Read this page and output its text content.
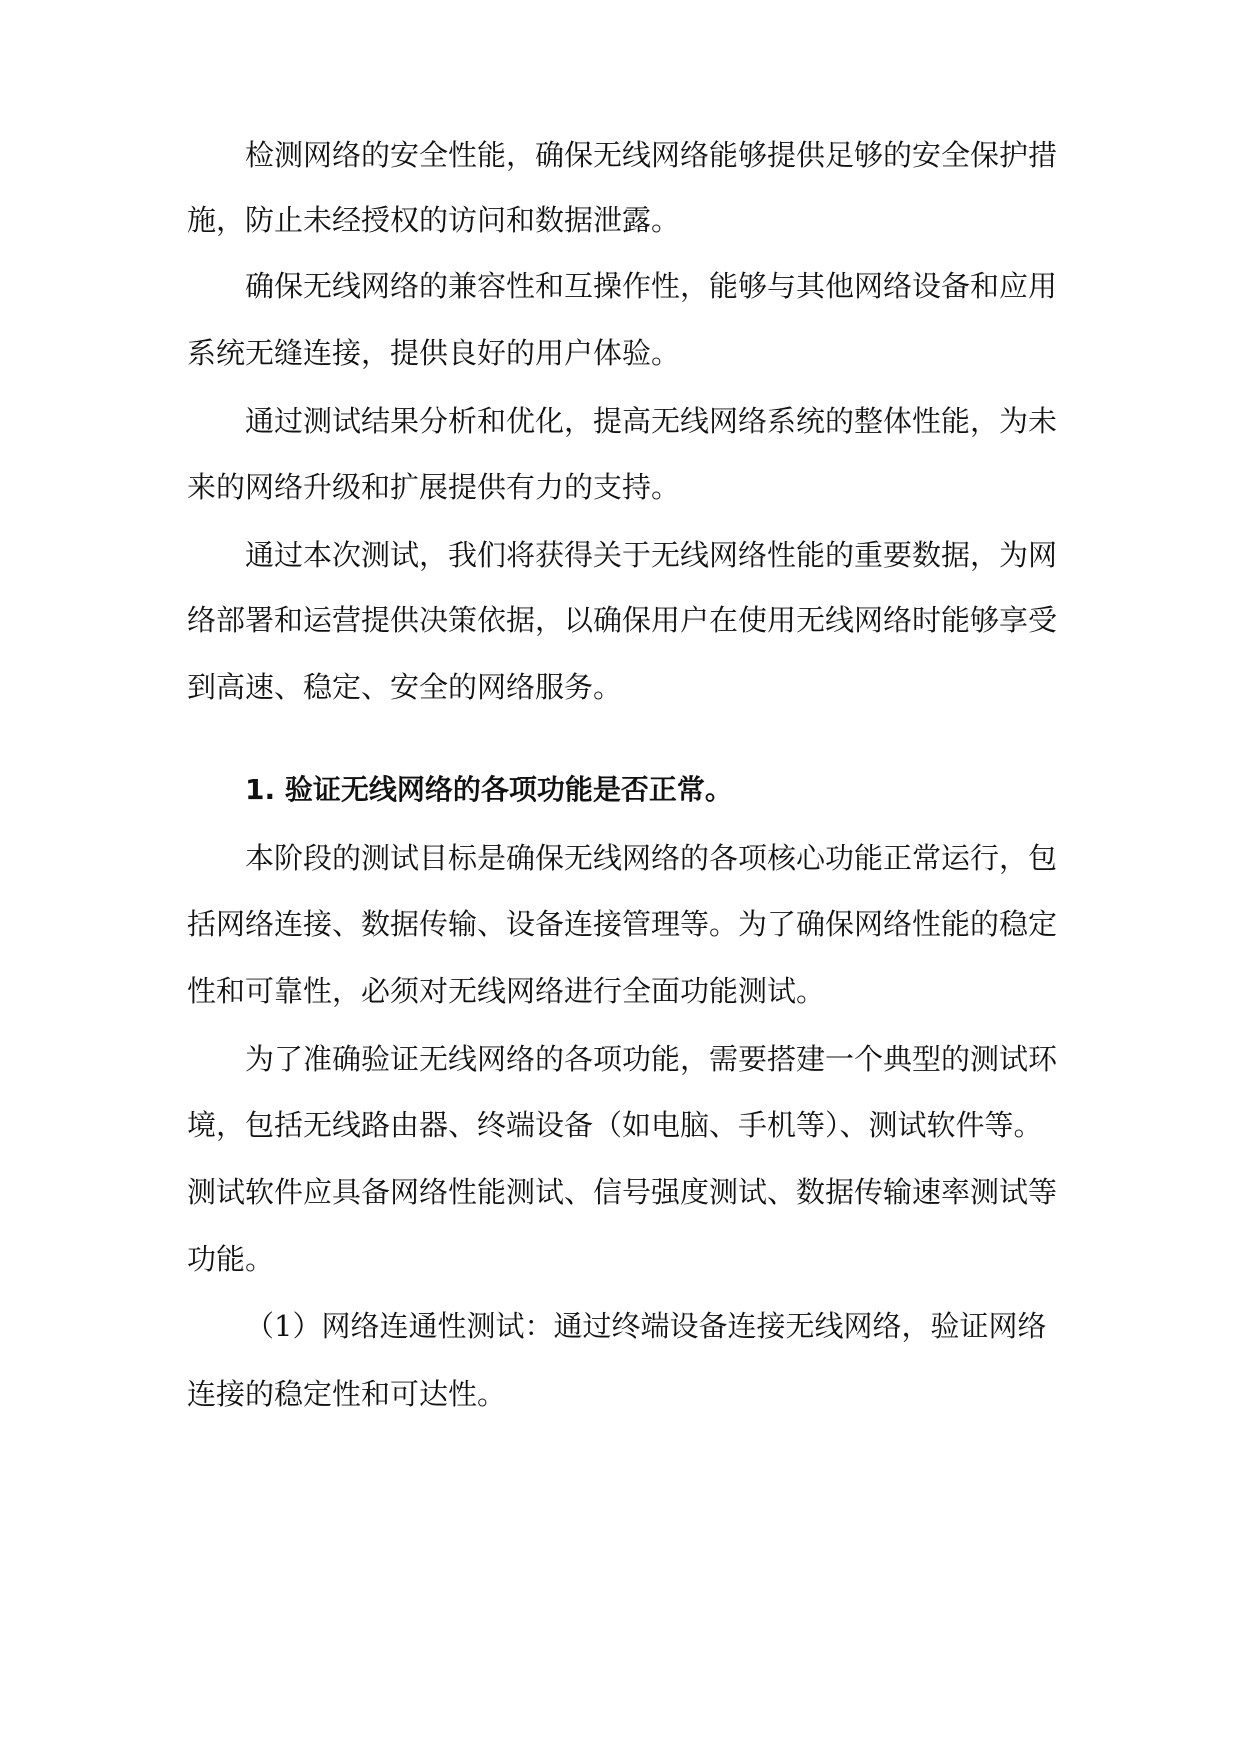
检测网络的安全性能，确保无线网络能够提供足够的安全保护措

施，防止未经授权的访问和数据泄露。

确保无线网络的兼容性和互操作性，能够与其他网络设备和应用

系统无缝连接，提供良好的用户体验。

通过测试结果分析和优化，提高无线网络系统的整体性能，为未

来的网络升级和扩展提供有力的支持。

通过本次测试，我们将获得关于无线网络性能的重要数据，为网

络部署和运营提供决策依据，以确保用户在使用无线网络时能够享受

到高速、稳定、安全的网络服务。

1. 验证无线网络的各项功能是否正常。

本阶段的测试目标是确保无线网络的各项核心功能正常运行，包

括网络连接、数据传输、设备连接管理等。为了确保网络性能的稳定

性和可靠性，必须对无线网络进行全面功能测试。

为了准确验证无线网络的各项功能，需要搭建一个典型的测试环

境，包括无线路由器、终端设备（如电脑、手机等）、测试软件等。

测试软件应具备网络性能测试、信号强度测试、数据传输速率测试等

功能。

（1）网络连通性测试：通过终端设备连接无线网络，验证网络

连接的稳定性和可达性。
